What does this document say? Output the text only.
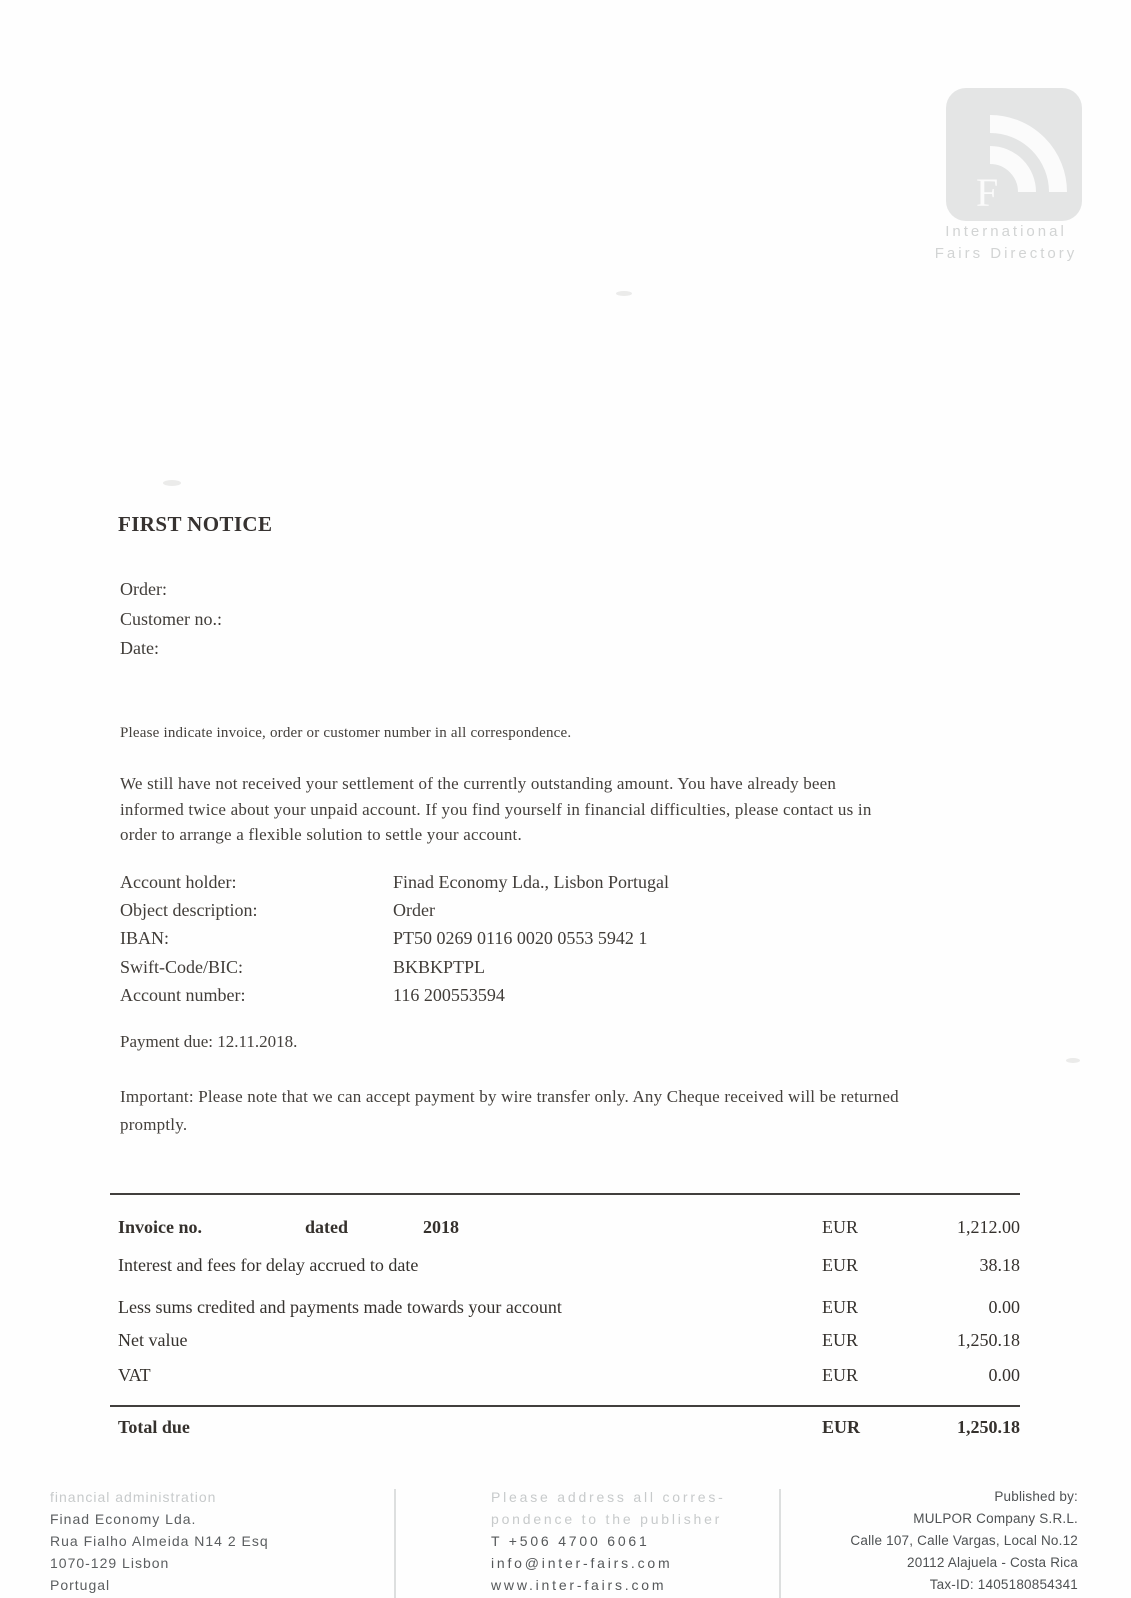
F
International
Fairs Directory
FIRST NOTICE
Order:
Customer no.:
Date:
Please indicate invoice, order or customer number in all correspondence.
We still have not received your settlement of the currently outstanding amount. You have already been
informed twice about your unpaid account. If you find yourself in financial difficulties, please contact us in
order to arrange a flexible solution to settle your account.
Account holder:	Finad Economy Lda., Lisbon Portugal
Object description:	Order
IBAN:	PT50 0269 0116 0020 0553 5942 1
Swift-Code/BIC:	BKBKPTPL
Account number:	116 200553594
Payment due: 12.11.2018.
Important: Please note that we can accept payment by wire transfer only. Any Cheque received will be returned
promptly.
Invoice no.	dated	2018	EUR	1,212.00
Interest and fees for delay accrued to date	EUR	38.18
Less sums credited and payments made towards your account	EUR	0.00
Net value	EUR	1,250.18
VAT	EUR	0.00
Total due	EUR	1,250.18
financial administration
Finad Economy Lda.
Rua Fialho Almeida N14 2 Esq
1070-129 Lisbon
Portugal
Please address all corres-
pondence to the publisher
T +506 4700 6061
info@inter-fairs.com
www.inter-fairs.com
Published by:
MULPOR Company S.R.L.
Calle 107, Calle Vargas, Local No.12
20112 Alajuela - Costa Rica
Tax-ID: 1405180854341
